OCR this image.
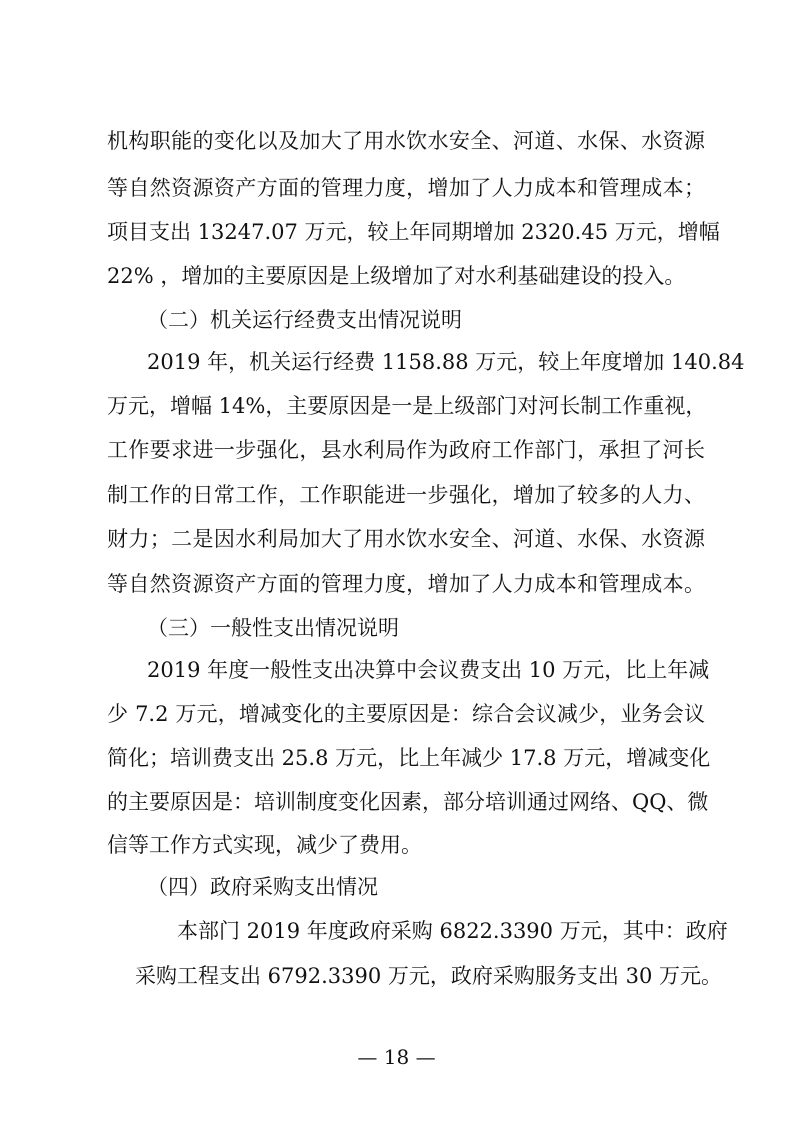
机构职能的变化以及加大了用水饮水安全、河道、水保、水资源

等自然资源资产方面的管理力度，增加了人力成本和管理成本；

项目支出 13247.07 万元，较上年同期增加 2320.45 万元，增幅

22% ，增加的主要原因是上级增加了对水利基础建设的投入。

（二）机关运行经费支出情况说明

2019 年，机关运行经费 1158.88 万元，较上年度增加 140.84

万元，增幅 14%，主要原因是一是上级部门对河长制工作重视，

工作要求进一步强化，县水利局作为政府工作部门，承担了河长

制工作的日常工作，工作职能进一步强化，增加了较多的人力、

财力；二是因水利局加大了用水饮水安全、河道、水保、水资源

等自然资源资产方面的管理力度，增加了人力成本和管理成本。

（三）一般性支出情况说明

2019 年度一般性支出决算中会议费支出 10 万元，比上年减

少 7.2 万元，增减变化的主要原因是：综合会议减少，业务会议

简化；培训费支出 25.8 万元，比上年减少 17.8 万元，增减变化

的主要原因是：培训制度变化因素，部分培训通过网络、QQ、微

信等工作方式实现，减少了费用。

（四）政府采购支出情况

本部门 2019 年度政府采购 6822.3390 万元，其中：政府

采购工程支出 6792.3390 万元，政府采购服务支出 30 万元。

— 18 —
